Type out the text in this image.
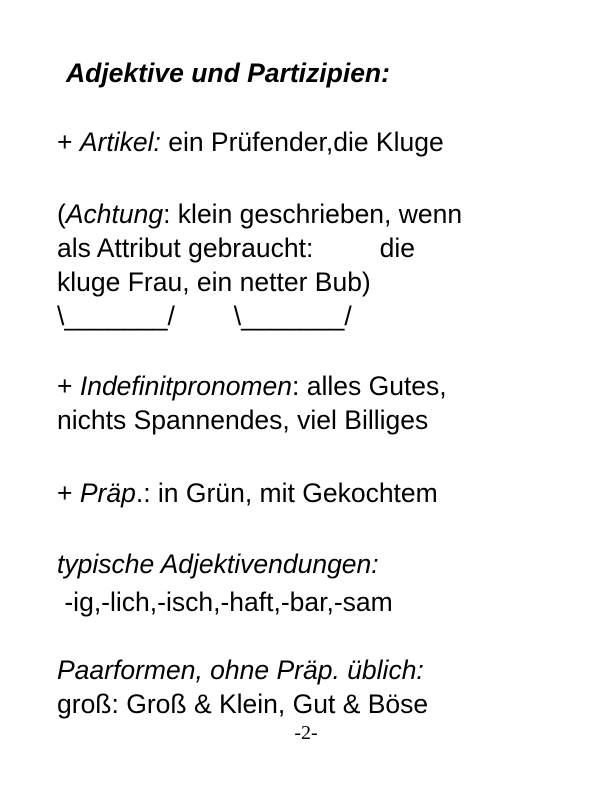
Adjektive und Partizipien:
+ Artikel: ein Prüfender,die Kluge
(Achtung: klein geschrieben, wenn
als Attribut gebraucht:         die
kluge Frau, ein netter Bub)
\_______/        \_______/
+ Indefinitpronomen: alles Gutes,
nichts Spannendes, viel Billiges
+ Präp.: in Grün, mit Gekochtem
typische Adjektivendungen:
-ig,-lich,-isch,-haft,-bar,-sam
Paarformen, ohne Präp. üblich:
groß: Groß & Klein, Gut & Böse
-2-
